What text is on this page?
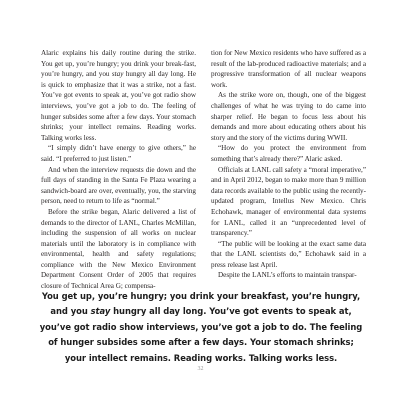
Alaric explains his daily routine during the strike. You get up, you’re hungry; you drink your break-fast, you’re hungry, and you stay hungry all day long. He is quick to emphasize that it was a strike, not a fast. You’ve got events to speak at, you’ve got radio show interviews, you’ve got a job to do. The feeling of hunger subsides some after a few days. Your stomach shrinks; your intellect remains. Reading works. Talking works less.

“I simply didn’t have energy to give others,” he said. “I preferred to just listen.”

And when the interview requests die down and the full days of standing in the Santa Fe Plaza wearing a sandwich-board are over, eventually, you, the starving person, need to return to life as “normal.”

Before the strike began, Alaric delivered a list of demands to the director of LANL, Charles McMillan, including the suspension of all works on nuclear materials until the laboratory is in compliance with environmental, health and safety regulations; compliance with the New Mexico Environment Department Consent Order of 2005 that requires closure of Technical Area G; compensa-

tion for New Mexico residents who have suffered as a result of the lab-produced radioactive materials; and a progressive transformation of all nuclear weapons work.

As the strike wore on, though, one of the biggest challenges of what he was trying to do came into sharper relief. He began to focus less about his demands and more about educating others about his story and the story of the victims during WWII.

“How do you protect the environment from something that’s already there?” Alaric asked.

Officials at LANL call safety a “moral imperative,” and in April 2012, began to make more than 9 million data records available to the public using the recently-updated program, Intellus New Mexico. Chris Echohawk, manager of environmental data systems for LANL, called it an “unprecedented level of transparency.”

“The public will be looking at the exact same data that the LANL scientists do,” Echohawk said in a press release last April.

Despite the LANL’s efforts to maintain transpar-

You get up, you’re hungry; you drink your breakfast, you’re hungry, and you stay hungry all day long. You’ve got events to speak at, you’ve got radio show interviews, you’ve got a job to do. The feeling of hunger subsides some after a few days. Your stomach shrinks; your intellect remains. Reading works. Talking works less.
32
